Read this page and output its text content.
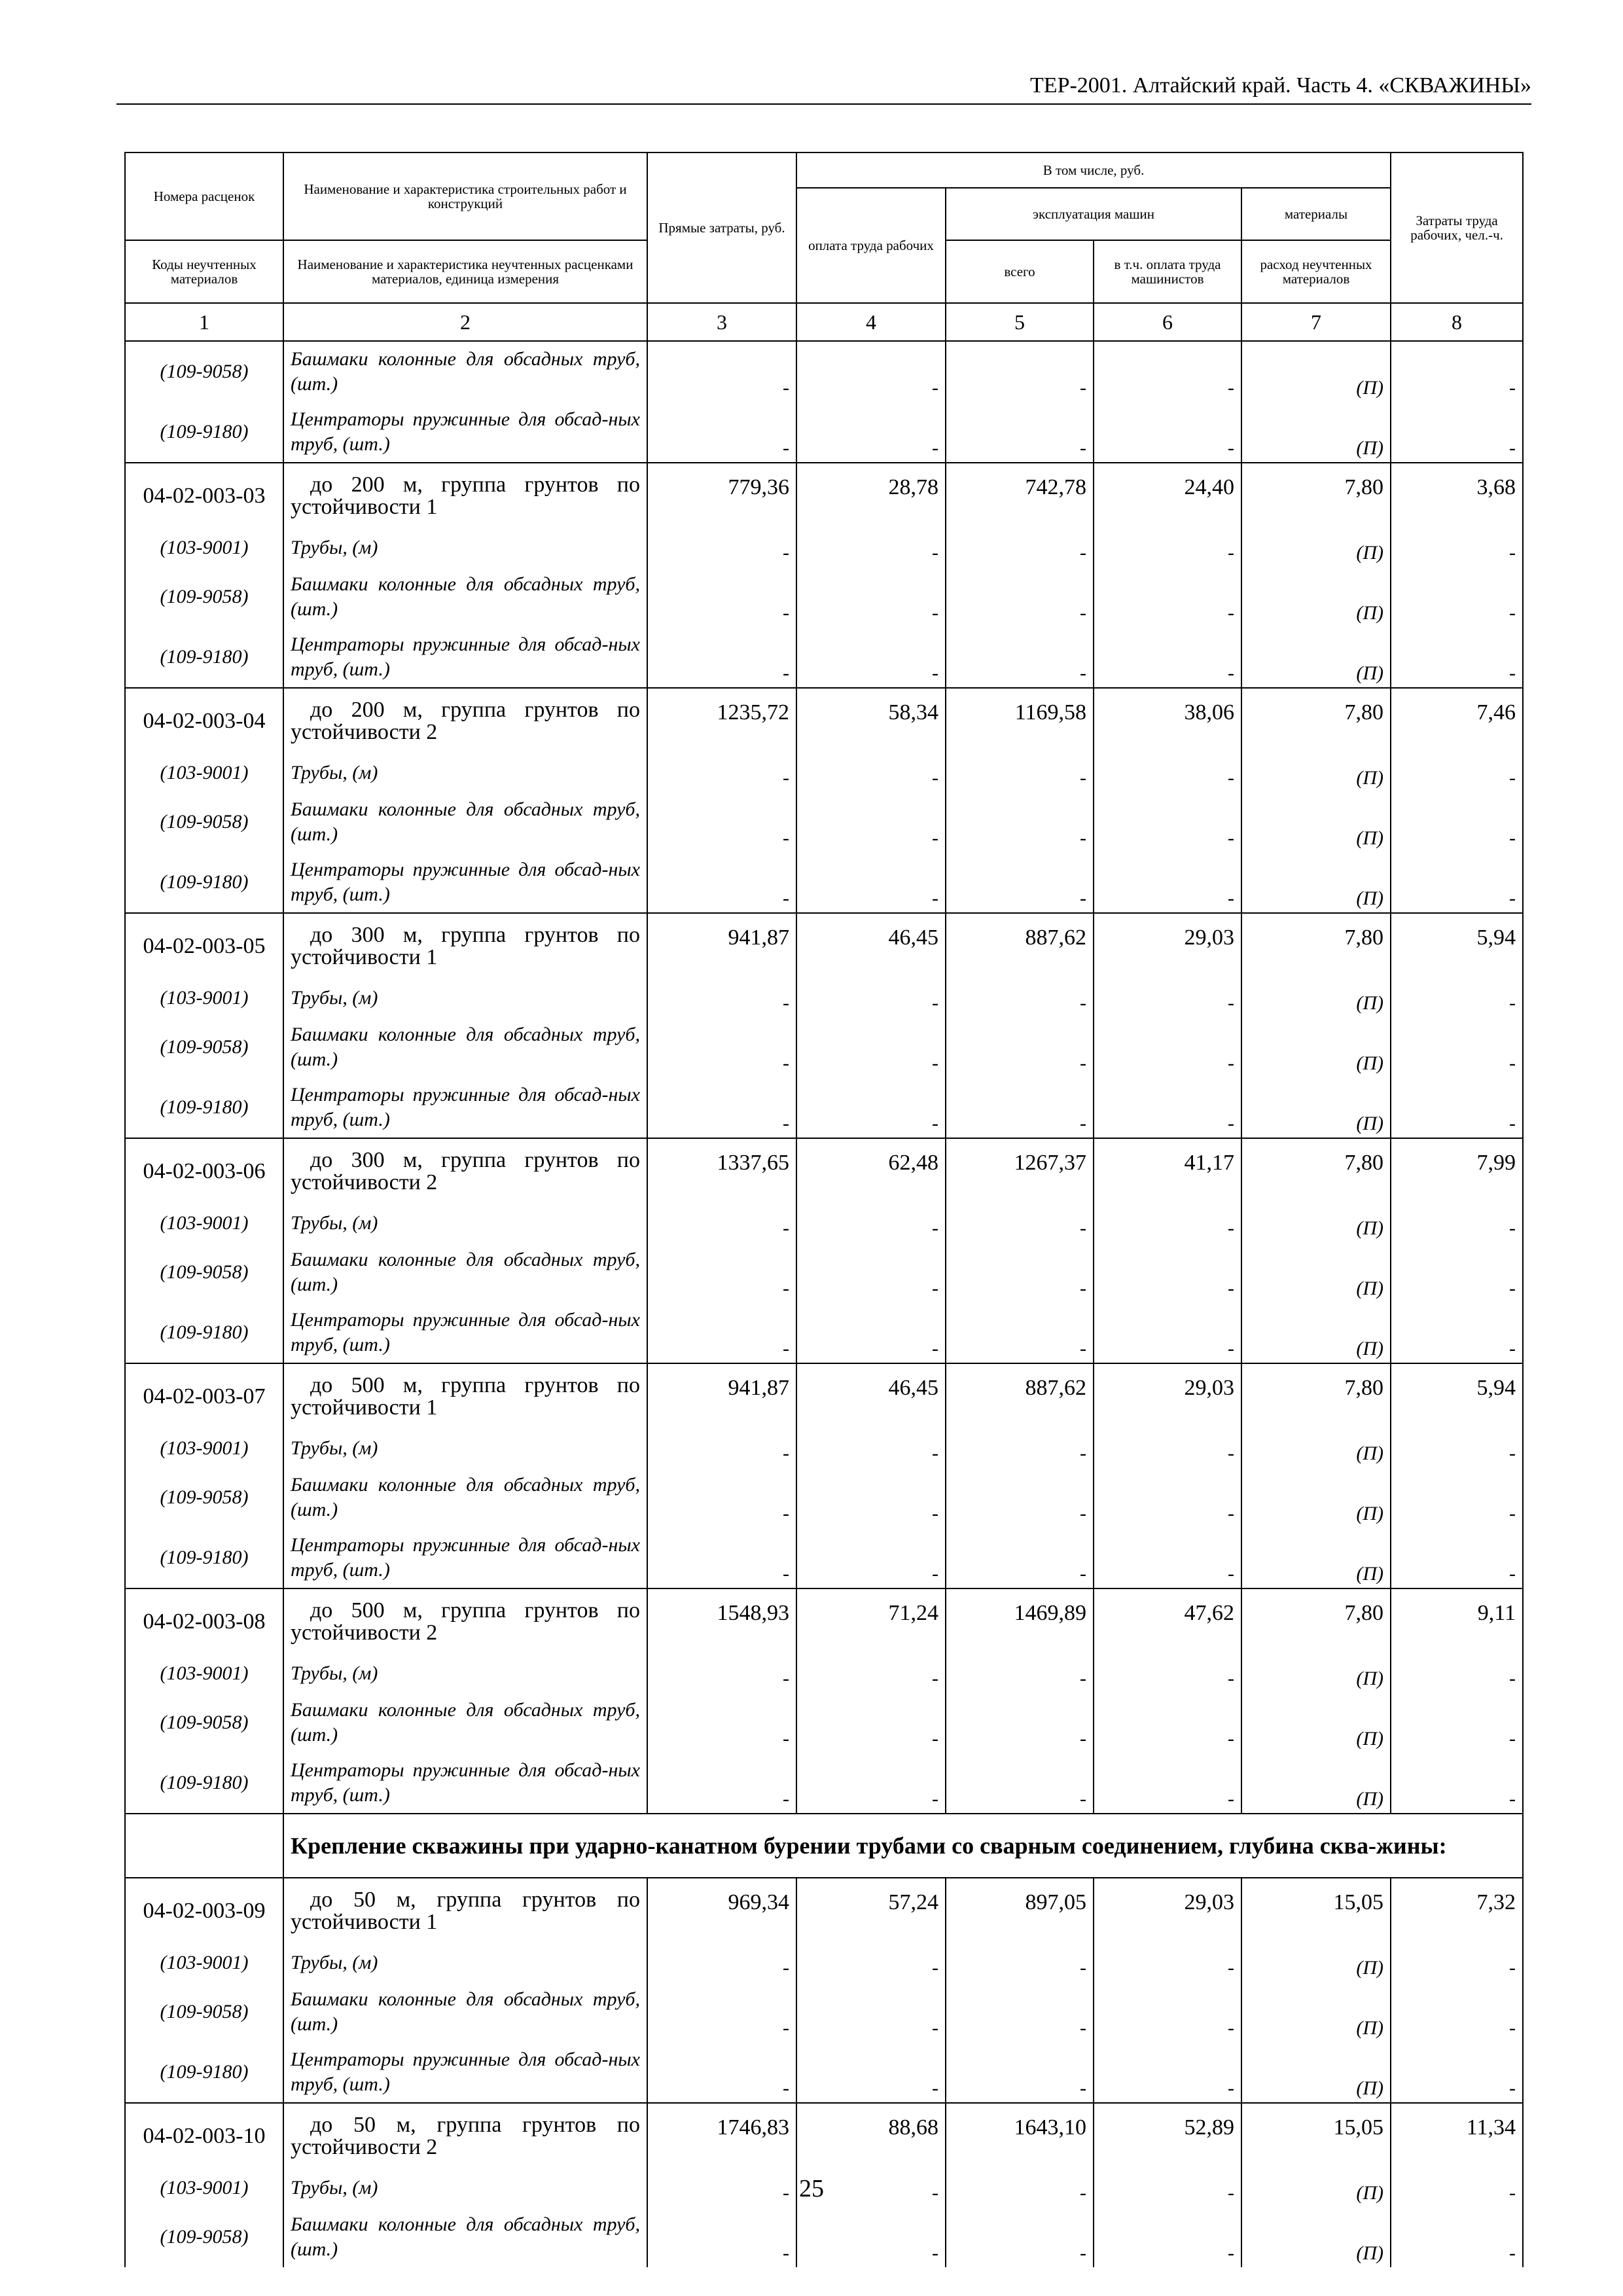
ТЕР-2001. Алтайский край. Часть 4. «СКВАЖИНЫ»
Номера расценок	Наименование и характеристика строительных работ и конструкций	Прямые затраты, руб.	В том числе, руб.				Затраты труда рабочих, чел.-ч.
			оплата труда рабочих	эксплуатация машин		материалы	
Коды неучтенных материалов	Наименование и характеристика неучтенных расценками материалов, единица измерения			всего	в т.ч. оплата труда машинистов	расход неучтенных материалов	
1	2	3	4	5	6	7	8
(109-9058)	Башмаки колонные для обсадных труб, (шт.)	-	-	-	-	(П)	-
(109-9180)	Центраторы пружинные для обсад-ных труб, (шт.)	-	-	-	-	(П)	-
04-02-003-03	до 200 м, группа грунтов по устойчивости 1	779,36	28,78	742,78	24,40	7,80	3,68
(103-9001)	Трубы, (м)	-	-	-	-	(П)	-
(109-9058)	Башмаки колонные для обсадных труб, (шт.)	-	-	-	-	(П)	-
(109-9180)	Центраторы пружинные для обсад-ных труб, (шт.)	-	-	-	-	(П)	-
04-02-003-04	до 200 м, группа грунтов по устойчивости 2	1235,72	58,34	1169,58	38,06	7,80	7,46
(103-9001)	Трубы, (м)	-	-	-	-	(П)	-
(109-9058)	Башмаки колонные для обсадных труб, (шт.)	-	-	-	-	(П)	-
(109-9180)	Центраторы пружинные для обсад-ных труб, (шт.)	-	-	-	-	(П)	-
04-02-003-05	до 300 м, группа грунтов по устойчивости 1	941,87	46,45	887,62	29,03	7,80	5,94
(103-9001)	Трубы, (м)	-	-	-	-	(П)	-
(109-9058)	Башмаки колонные для обсадных труб, (шт.)	-	-	-	-	(П)	-
(109-9180)	Центраторы пружинные для обсад-ных труб, (шт.)	-	-	-	-	(П)	-
04-02-003-06	до 300 м, группа грунтов по устойчивости 2	1337,65	62,48	1267,37	41,17	7,80	7,99
(103-9001)	Трубы, (м)	-	-	-	-	(П)	-
(109-9058)	Башмаки колонные для обсадных труб, (шт.)	-	-	-	-	(П)	-
(109-9180)	Центраторы пружинные для обсад-ных труб, (шт.)	-	-	-	-	(П)	-
04-02-003-07	до 500 м, группа грунтов по устойчивости 1	941,87	46,45	887,62	29,03	7,80	5,94
(103-9001)	Трубы, (м)	-	-	-	-	(П)	-
(109-9058)	Башмаки колонные для обсадных труб, (шт.)	-	-	-	-	(П)	-
(109-9180)	Центраторы пружинные для обсад-ных труб, (шт.)	-	-	-	-	(П)	-
04-02-003-08	до 500 м, группа грунтов по устойчивости 2	1548,93	71,24	1469,89	47,62	7,80	9,11
(103-9001)	Трубы, (м)	-	-	-	-	(П)	-
(109-9058)	Башмаки колонные для обсадных труб, (шт.)	-	-	-	-	(П)	-
(109-9180)	Центраторы пружинные для обсад-ных труб, (шт.)	-	-	-	-	(П)	-
	Крепление скважины при ударно-канатном бурении трубами со сварным соединением, глубина сква-жины:						
04-02-003-09	до 50 м, группа грунтов по устойчивости 1	969,34	57,24	897,05	29,03	15,05	7,32
(103-9001)	Трубы, (м)	-	-	-	-	(П)	-
(109-9058)	Башмаки колонные для обсадных труб, (шт.)	-	-	-	-	(П)	-
(109-9180)	Центраторы пружинные для обсад-ных труб, (шт.)	-	-	-	-	(П)	-
04-02-003-10	до 50 м, группа грунтов по устойчивости 2	1746,83	88,68	1643,10	52,89	15,05	11,34
(103-9001)	Трубы, (м)	-	-	-	-	(П)	-
(109-9058)	Башмаки колонные для обсадных труб, (шт.)	-	-	-	-	(П)	-
25
